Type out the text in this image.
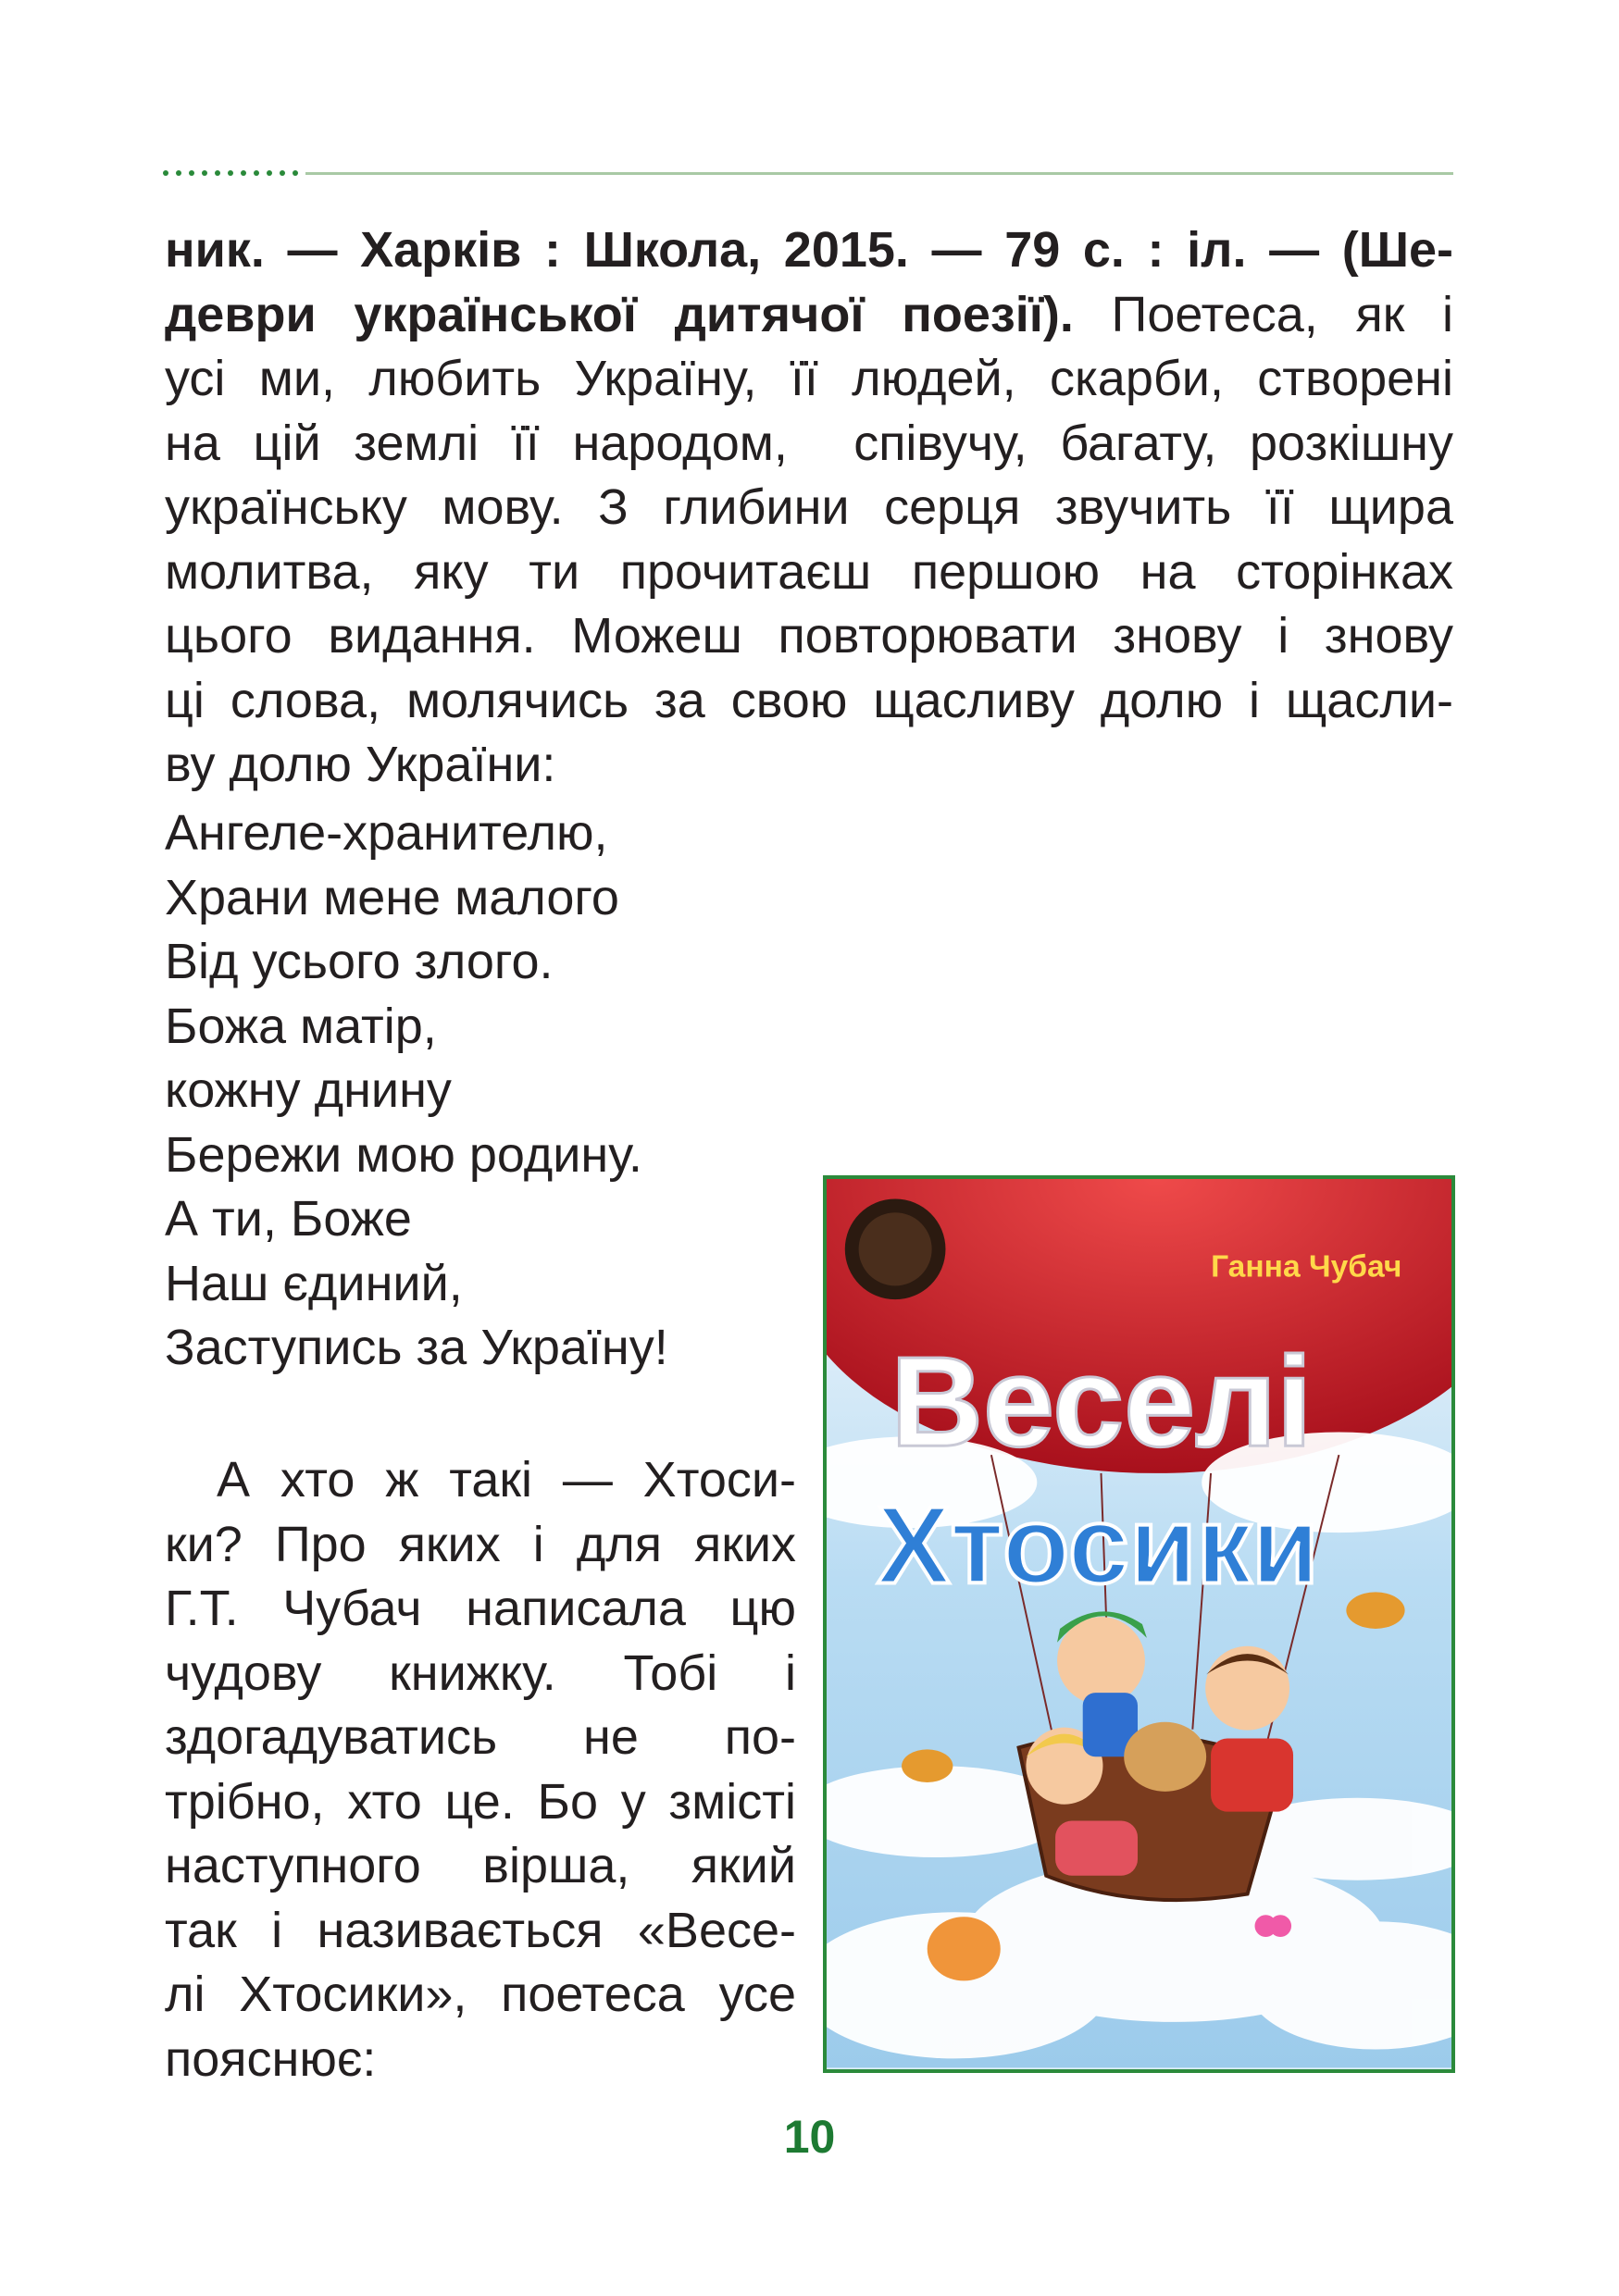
ник. — Харків : Школа, 2015. — 79 с. : іл. — (Ше-
деври української дитячої поезії). Поетеса, як і
усі ми, любить Україну, її людей, скарби, створені
на цій землі її народом,  співучу, багату, розкішну
українську мову. З глибини серця звучить її щира
молитва, яку ти прочитаєш першою на сторінках
цього видання. Можеш повторювати знову і знову
ці слова, молячись за свою щасливу долю і щасли-
ву долю України:
Ангеле-хранителю,
Храни мене малого
Від усього злого.
Божа матір,
кожну днину
Бережи мою родину.
А ти, Боже
Наш єдиний,
Заступись за Україну!
А хто ж такі — Хтоси-
ки? Про яких і для яких
Г.Т. Чубач написала цю
чудову книжку. Тобі і
здогадуватись не по-
трібно, хто це. Бо у змісті
наступного вірша, який
так і називається «Весе-
лі Хтосики», поетеса усе
пояснює:
Ганна Чубач
Веселі
Хтосики
10
